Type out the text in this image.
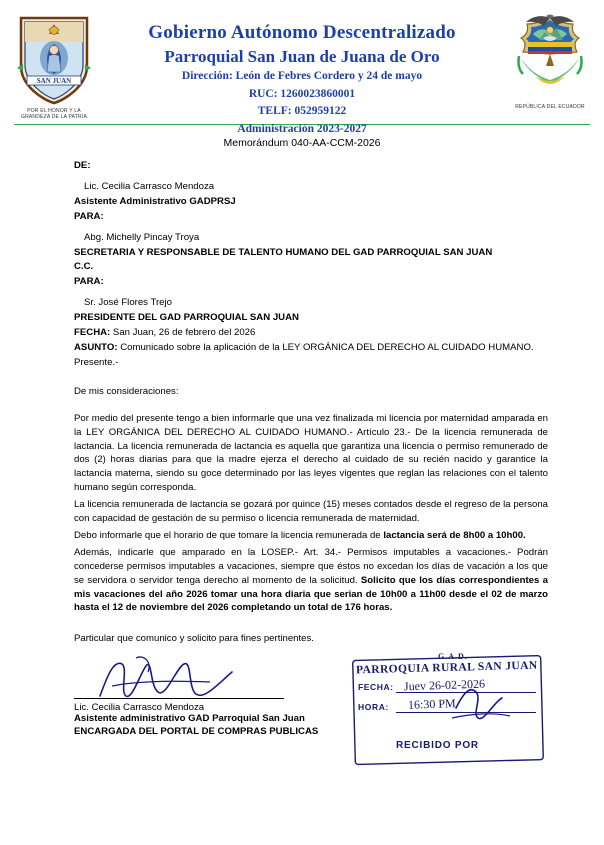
SAN JUAN
POR EL HONOR Y LA GRANDEZA DE LA PATRIA
Gobierno Autónomo Descentralizado
Parroquial San Juan de Juana de Oro
Dirección: León de Febres Cordero y 24 de mayo
RUC: 1260023860001
TELF: 052959122
Administración 2023-2027
REPÚBLICA DEL ECUADOR
Memorándum 040-AA-CCM-2026
DE:
Lic. Cecilia Carrasco Mendoza
Asistente Administrativo GADPRSJ
PARA:
Abg. Michelly Pincay Troya
SECRETARIA Y RESPONSABLE DE TALENTO HUMANO DEL GAD PARROQUIAL SAN JUAN
C.C.
PARA:
Sr. José Flores Trejo
PRESIDENTE DEL GAD PARROQUIAL SAN JUAN
FECHA: San Juan, 26 de febrero del 2026
ASUNTO: Comunicado sobre la aplicación de la LEY ORGÁNICA DEL DERECHO AL CUIDADO HUMANO.
Presente.-
De mis consideraciones:
Por medio del presente tengo a bien informarle que una vez finalizada mi licencia por maternidad amparada en la LEY ORGÁNICA DEL DERECHO AL CUIDADO HUMANO.- Artículo 23.- De la licencia remunerada de lactancia. La licencia remunerada de lactancia es aquella que garantiza una licencia o permiso remunerado de dos (2) horas diarias para que la madre ejerza el derecho al cuidado de su recién nacido y garantice la lactancia materna, siendo su goce determinado por las leyes vigentes que reglan las relaciones con el talento humano según corresponda.
La licencia remunerada de lactancia se gozará por quince (15) meses contados desde el regreso de la persona con capacidad de gestación de su permiso o licencia remunerada de maternidad.
Debo informarle que el horario de que tomare la licencia remunerada de lactancia será de 8h00 a 10h00.
Además, indicarle que amparado en la LOSEP.- Art. 34.- Permisos imputables a vacaciones.- Podrán concederse permisos imputables a vacaciones, siempre que éstos no excedan los días de vacación a los que se servidora o servidor tenga derecho al momento de la solicitud. Solicito que los días correspondientes a mis vacaciones del año 2026 tomar una hora diaria que serian de 10h00 a 11h00 desde el 02 de marzo hasta el 12 de noviembre del 2026 completando un total de 176 horas.
Particular que comunico y solicito para fines pertinentes.
Lic. Cecilia Carrasco Mendoza
Asistente administrativo GAD Parroquial San Juan
ENCARGADA DEL PORTAL DE COMPRAS PUBLICAS
G.A.D.
PARROQUIA RURAL SAN JUAN
FECHA: Juev 26-02-2026
HORA: 16:30 PM
RECIBIDO POR
